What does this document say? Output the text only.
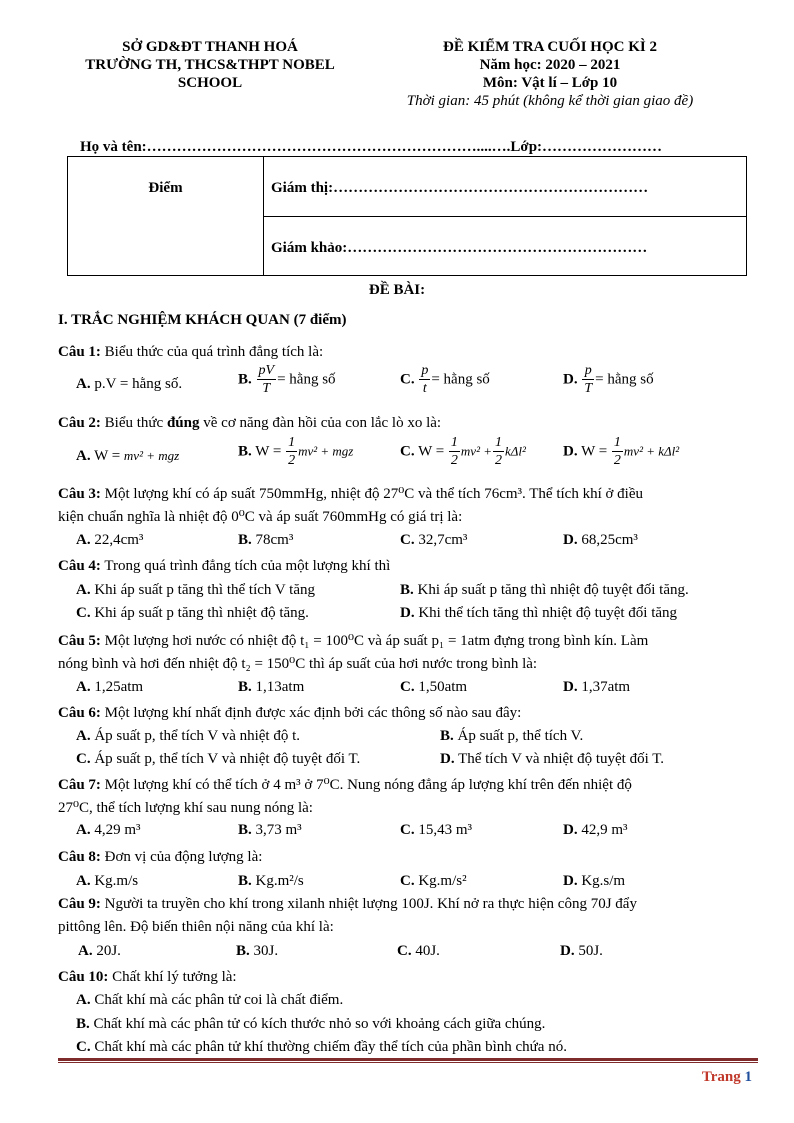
SỞ GD&ĐT THANH HOÁ
TRƯỜNG TH, THCS&THPT NOBEL
SCHOOL
ĐỀ KIỂM TRA CUỐI HỌC KÌ 2
Năm học: 2020 – 2021
Môn: Vật lí – Lớp 10
Thời gian: 45 phút (không kể thời gian giao đề)
Họ và tên:…………………………………………………………....….Lớp:……………………
Điểm	Giám thị:………………………………………………………
Giám khảo:……………………………………………………
ĐỀ BÀI:
I. TRẮC NGHIỆM KHÁCH QUAN (7 điểm)
Câu 1: Biểu thức của quá trình đẳng tích là:
A. p.V = hằng số.	B. $\frac{pV}{T}$ = hằng số	C. $\frac{p}{t}$ = hằng số	D. $\frac{p}{T}$ = hằng số
Câu 2: Biểu thức đúng về cơ năng đàn hồi của con lắc lò xo là:
A. W = mv² + mgz	B. $W = \frac{1}{2} mv^2$ + mgz	C. $W = \frac{1}{2} mv^2 + \frac{1}{2} k\Delta l^2$ D. $W = \frac{1}{2} mv^2 + k\Delta l^2$
Câu 3: Một lượng khí có áp suất 750mmHg, nhiệt độ 27⁰C và thể tích 76cm³. Thể tích khí ở điều
kiện chuẩn nghĩa là nhiệt độ 0⁰C và áp suất 760mmHg có giá trị là:
A. 22,4cm³	B. 78cm³	C. 32,7cm³	D. 68,25cm³
Câu 4: Trong quá trình đẳng tích của một lượng khí thì
A. Khi áp suất p tăng thì thể tích V tăng	B. Khi áp suất p tăng thì nhiệt độ tuyệt đối tăng.
C. Khi áp suất p tăng thì nhiệt độ tăng.	D. Khi thể tích tăng thì nhiệt độ tuyệt đối tăng
Câu 5: Một lượng hơi nước có nhiệt độ t₁ = 100⁰C và áp suất p₁ = 1atm đựng trong bình kín. Làm
nóng bình và hơi đến nhiệt độ t₂ = 150⁰C thì áp suất của hơi nước trong bình là:
A. 1,25atm	B. 1,13atm	C. 1,50atm	D. 1,37atm
Câu 6: Một lượng khí nhất định được xác định bởi các thông số nào sau đây:
A. Áp suất p, thể tích V và nhiệt độ t.	B. Áp suất p, thể tích V.
C. Áp suất p, thể tích V và nhiệt độ tuyệt đối T.	D. Thể tích V và nhiệt độ tuyệt đối T.
Câu 7: Một lượng khí có thể tích ở 4 m³ ở 7⁰C. Nung nóng đẳng áp lượng khí trên đến nhiệt độ
27⁰C, thể tích lượng khí sau nung nóng là:
A. 4,29 m³	B. 3,73 m³	C. 15,43 m³	D. 42,9 m³
Câu 8: Đơn vị của động lượng là:
A. Kg.m/s	B. Kg.m²/s	C. Kg.m/s²	D. Kg.s/m
Câu 9: Người ta truyền cho khí trong xilanh nhiệt lượng 100J. Khí nở ra thực hiện công 70J đẩy
pittông lên. Độ biến thiên nội năng của khí là:
A. 20J.	B. 30J.	C. 40J.	D. 50J.
Câu 10: Chất khí lý tưởng là:
A. Chất khí mà các phân tử coi là chất điểm.
B. Chất khí mà các phân tử có kích thước nhỏ so với khoảng cách giữa chúng.
C. Chất khí mà các phân tử khí thường chiếm đầy thể tích của phần bình chứa nó.
Trang 1
